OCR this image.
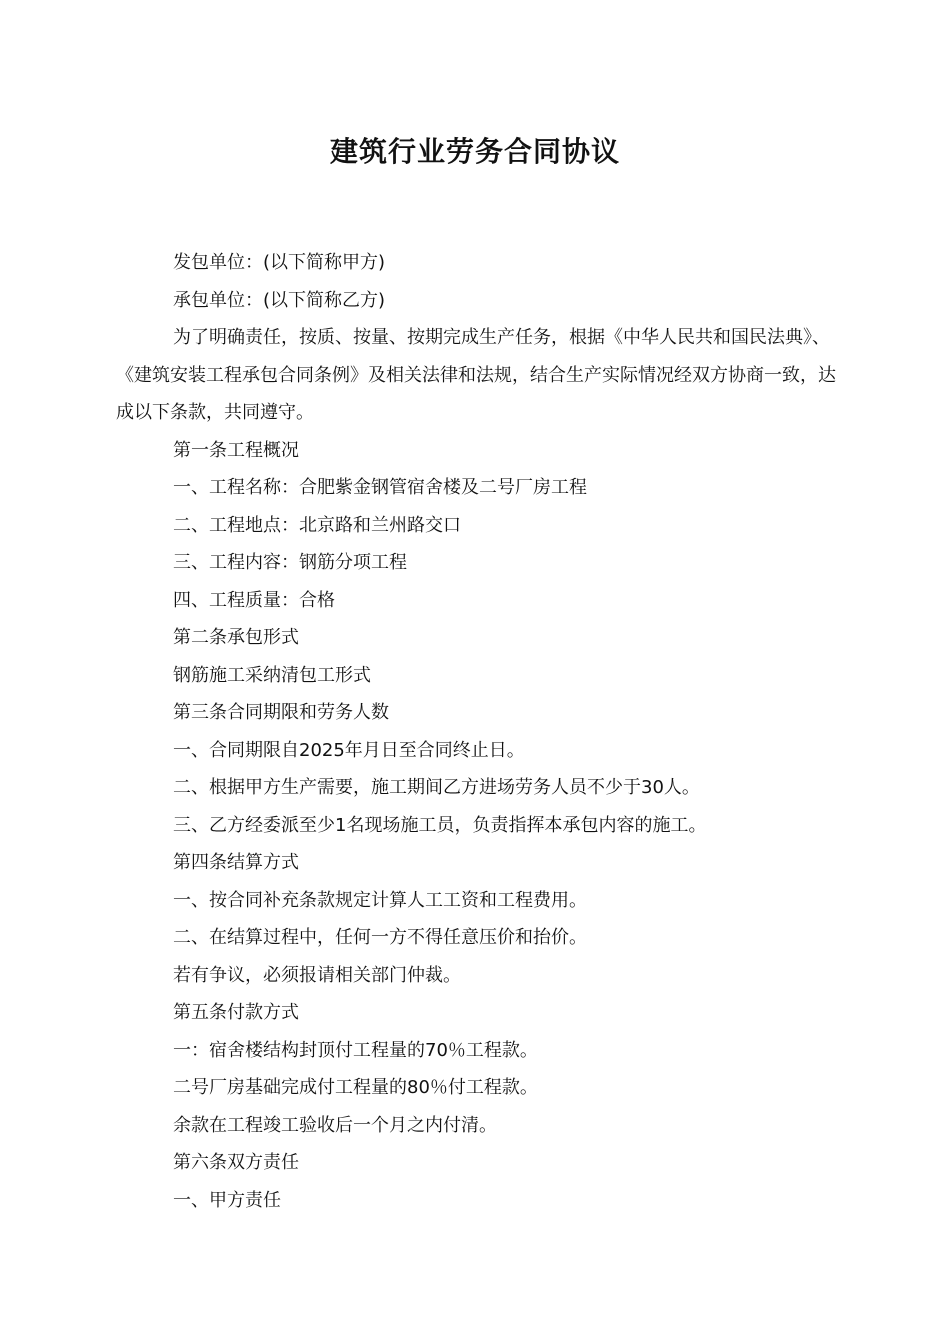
建筑行业劳务合同协议

发包单位：(以下简称甲方)

承包单位：(以下简称乙方)

为了明确责任，按质、按量、按期完成生产任务，根据《中华人民共和国民法典》、《建筑安装工程承包合同条例》及相关法律和法规，结合生产实际情况经双方协商一致，达成以下条款，共同遵守。

第一条工程概况

一、工程名称：合肥紫金钢管宿舍楼及二号厂房工程

二、工程地点：北京路和兰州路交口

三、工程内容：钢筋分项工程

四、工程质量：合格

第二条承包形式

钢筋施工采纳清包工形式

第三条合同期限和劳务人数

一、合同期限自2025年月日至合同终止日。

二、根据甲方生产需要，施工期间乙方进场劳务人员不少于30人。

三、乙方经委派至少1名现场施工员，负责指挥本承包内容的施工。

第四条结算方式

一、按合同补充条款规定计算人工工资和工程费用。

二、在结算过程中，任何一方不得任意压价和抬价。

若有争议，必须报请相关部门仲裁。

第五条付款方式

一：宿舍楼结构封顶付工程量的70％工程款。

二号厂房基础完成付工程量的80％付工程款。

余款在工程竣工验收后一个月之内付清。

第六条双方责任

一、甲方责任
